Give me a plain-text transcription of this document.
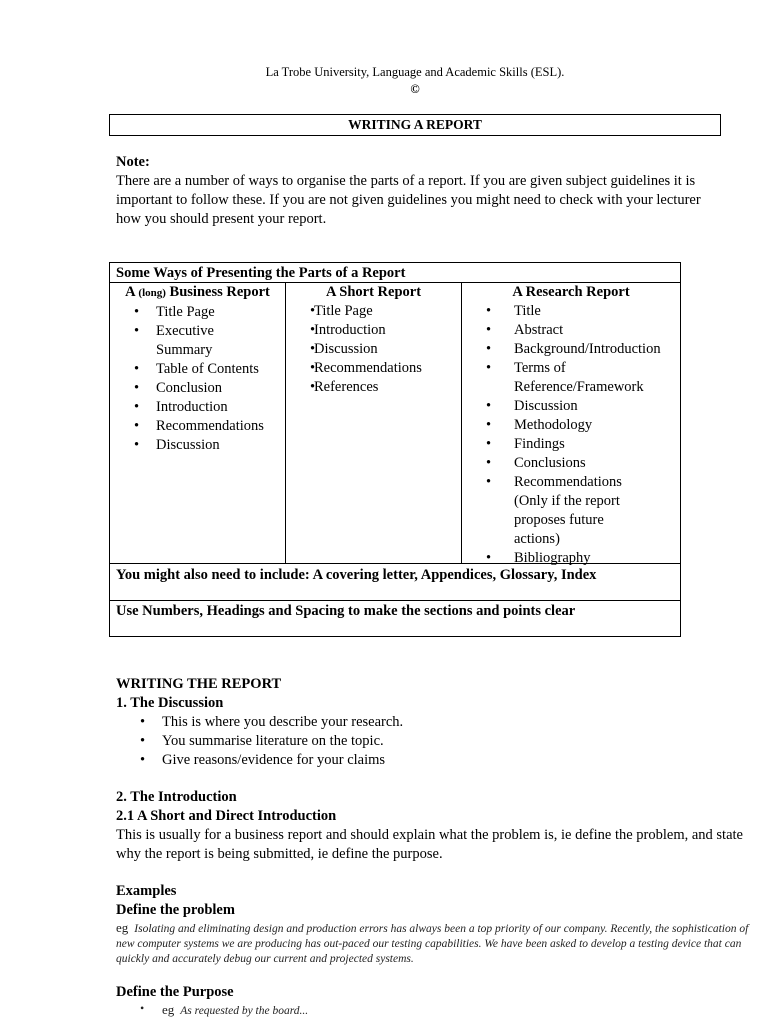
La Trobe University, Language and Academic Skills (ESL).
©
WRITING A REPORT
Note:
There are a number of ways to organise the parts of a report. If you are given subject guidelines it is important to follow these. If you are not given guidelines you might need to check with your lecturer how you should present your report.
Some Ways of Presenting the Parts of a Report
A (long) Business Report
• Title Page
• Executive Summary
• Table of Contents
• Conclusion
• Introduction
• Recommendations
• Discussion
A Short Report
• Title Page
• Introduction
• Discussion
• Recommendations
• References
A Research Report
• Title
• Abstract
• Background/Introduction
• Terms of Reference/Framework
• Discussion
• Methodology
• Findings
• Conclusions
• Recommendations (Only if the report proposes future actions)
• Bibliography
You might also need to include: A covering letter, Appendices, Glossary, Index
Use Numbers, Headings and Spacing to make the sections and points clear
WRITING THE REPORT
1. The Discussion
• This is where you describe your research.
• You summarise literature on the topic.
• Give reasons/evidence for your claims
2. The Introduction
2.1 A Short and Direct Introduction

This is usually for a business report and should explain what the problem is, ie define the problem, and state why the report is being submitted, ie define the purpose.

Examples
Define the problem

eg Isolating and eliminating design and production errors has always been a top priority of our company. Recently, the sophistication of new computer systems we are producing has out-paced our testing capabilities. We have been asked to develop a testing device that can quickly and accurately debug our current and projected systems.

Define the Purpose
• eg As requested by the board...
